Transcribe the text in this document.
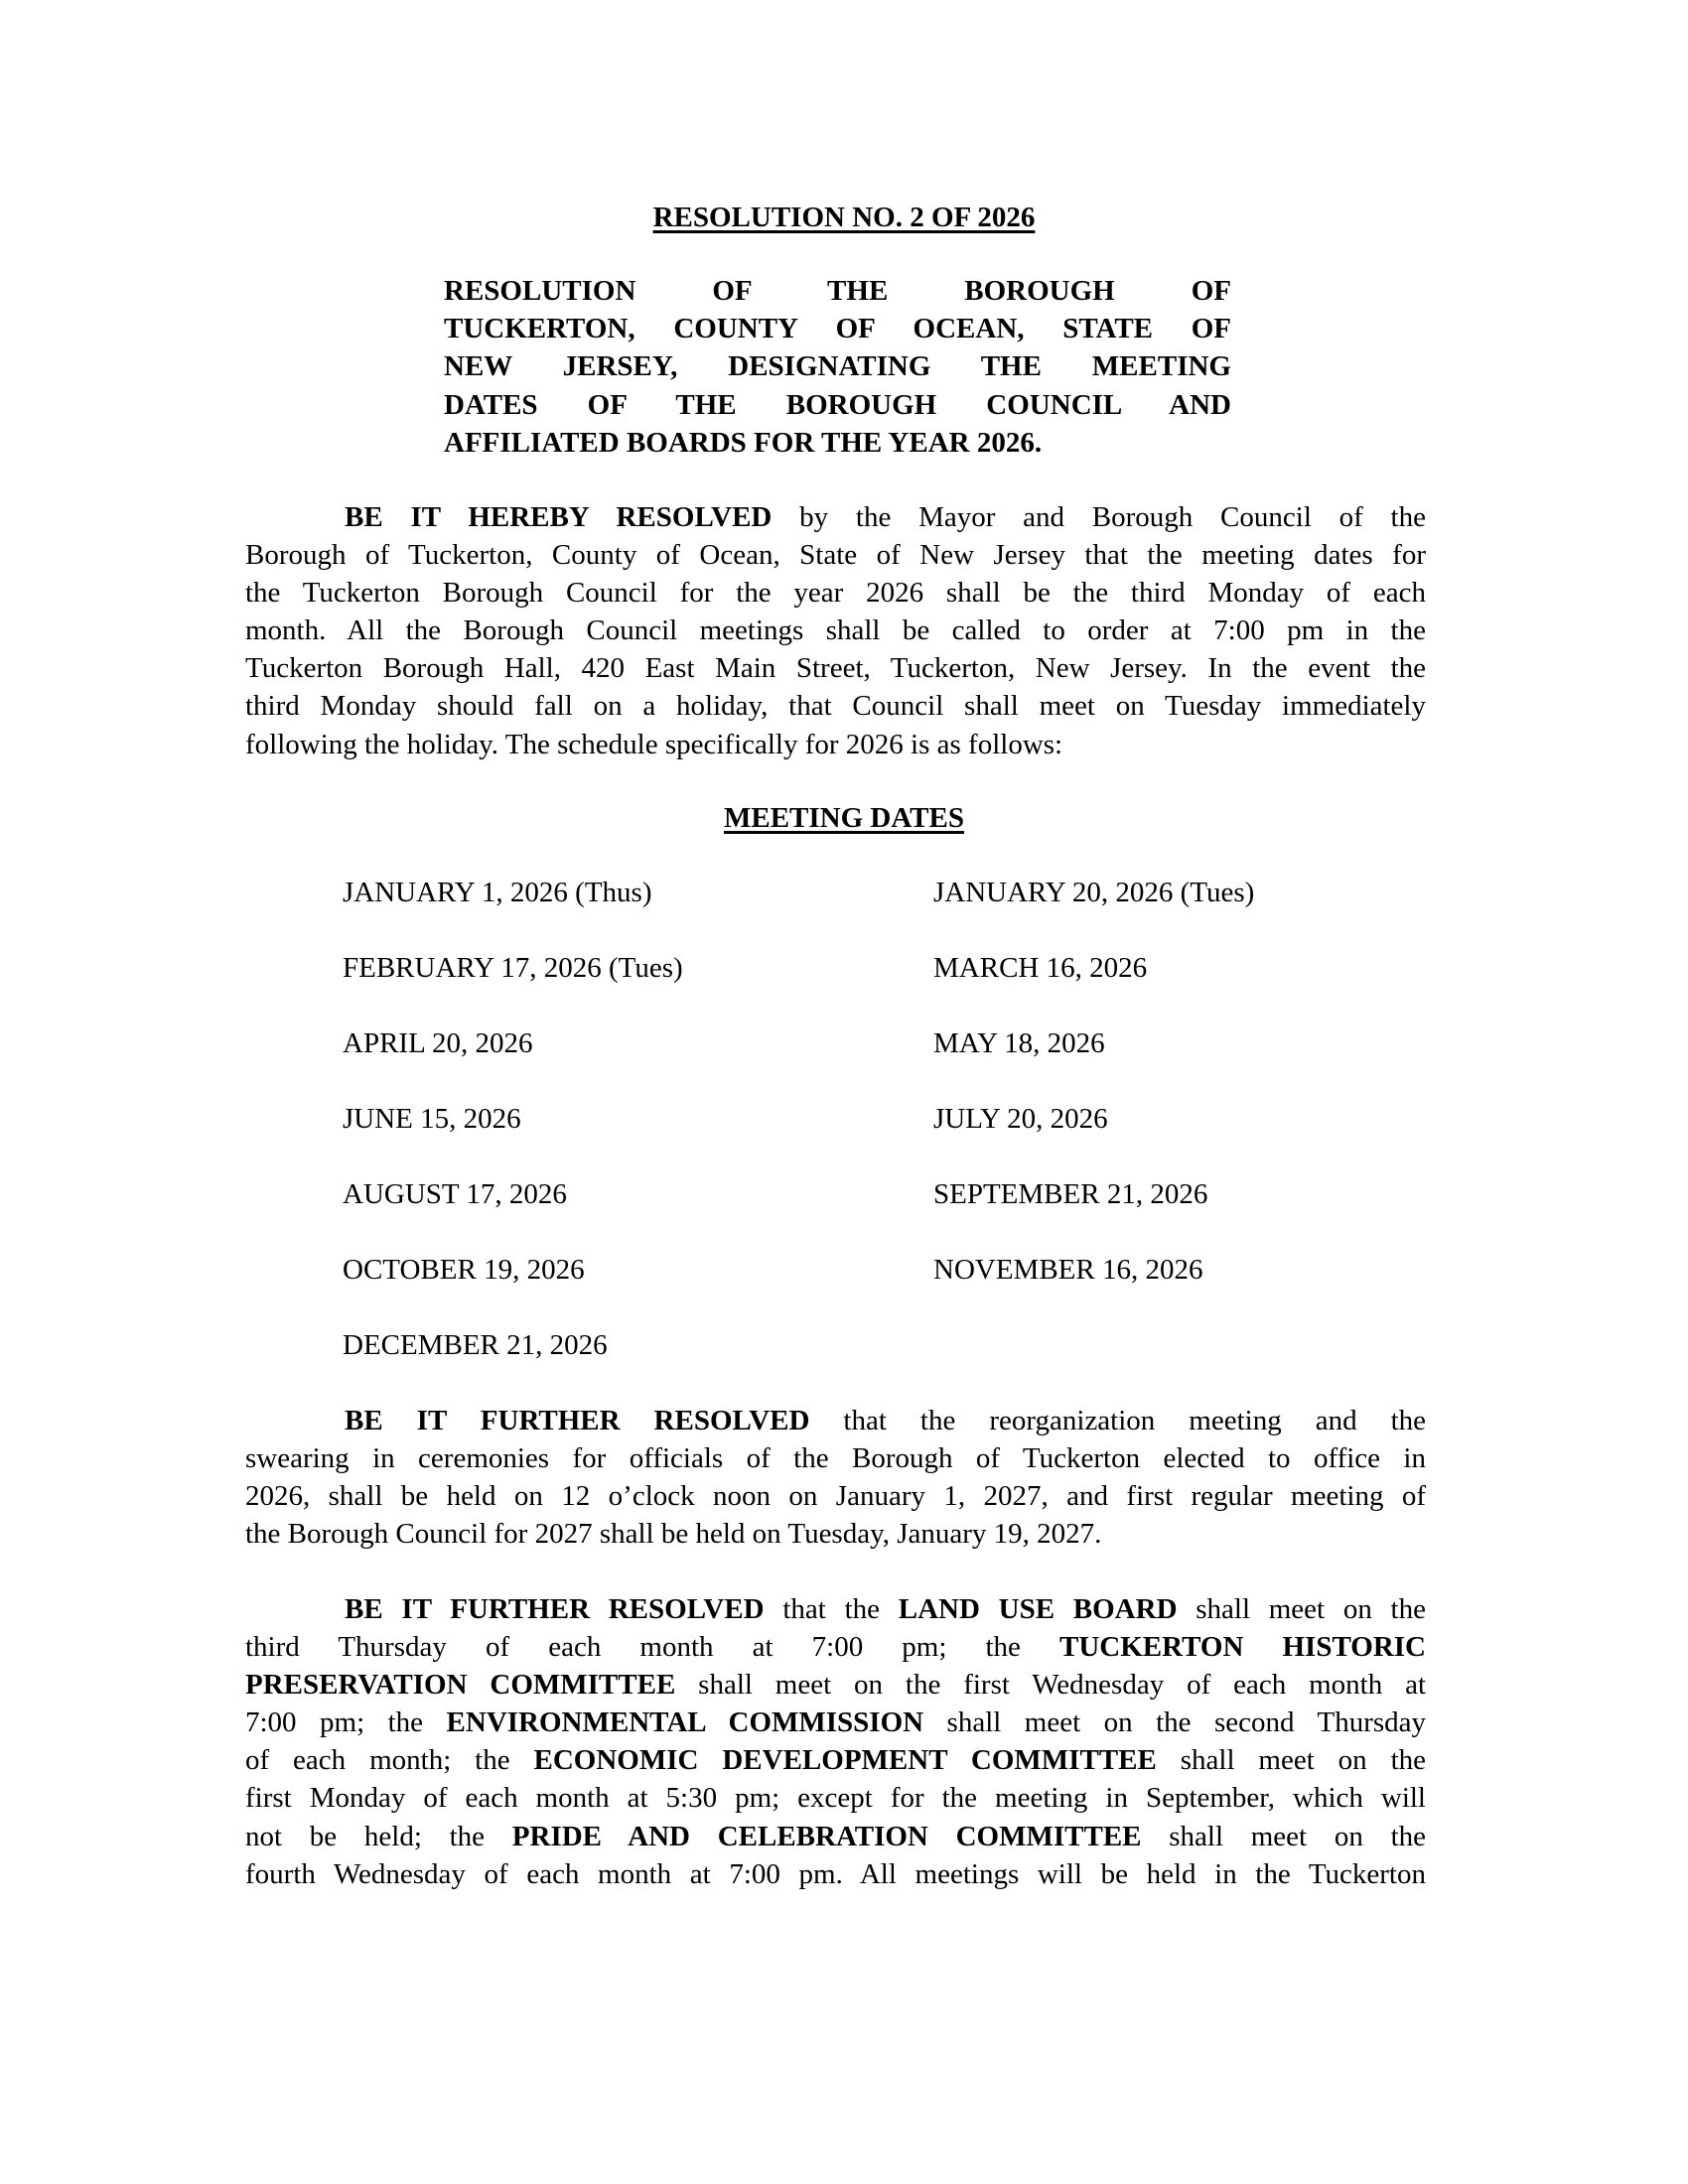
RESOLUTION NO. 2 OF 2026
RESOLUTION OF THE BOROUGH OF
TUCKERTON, COUNTY OF OCEAN, STATE OF
NEW JERSEY, DESIGNATING THE MEETING
DATES OF THE BOROUGH COUNCIL AND
AFFILIATED BOARDS FOR THE YEAR 2026.
BE IT HEREBY RESOLVED by the Mayor and Borough Council of the
Borough of Tuckerton, County of Ocean, State of New Jersey that the meeting dates for
the Tuckerton Borough Council for the year 2026 shall be the third Monday of each
month. All the Borough Council meetings shall be called to order at 7:00 pm in the
Tuckerton Borough Hall, 420 East Main Street, Tuckerton, New Jersey. In the event the
third Monday should fall on a holiday, that Council shall meet on Tuesday immediately
following the holiday. The schedule specifically for 2026 is as follows:
MEETING DATES
JANUARY 1, 2026 (Thus)	JANUARY 20, 2026 (Tues)
FEBRUARY 17, 2026 (Tues)	MARCH 16, 2026
APRIL 20, 2026	MAY 18, 2026
JUNE 15, 2026	JULY 20, 2026
AUGUST 17, 2026	SEPTEMBER 21, 2026
OCTOBER 19, 2026	NOVEMBER 16, 2026
DECEMBER 21, 2026
BE IT FURTHER RESOLVED that the reorganization meeting and the
swearing in ceremonies for officials of the Borough of Tuckerton elected to office in
2026, shall be held on 12 o’clock noon on January 1, 2027, and first regular meeting of
the Borough Council for 2027 shall be held on Tuesday, January 19, 2027.
BE IT FURTHER RESOLVED that the LAND USE BOARD shall meet on the
third Thursday of each month at 7:00 pm; the TUCKERTON HISTORIC
PRESERVATION COMMITTEE shall meet on the first Wednesday of each month at
7:00 pm; the ENVIRONMENTAL COMMISSION shall meet on the second Thursday
of each month; the ECONOMIC DEVELOPMENT COMMITTEE shall meet on the
first Monday of each month at 5:30 pm; except for the meeting in September, which will
not be held; the PRIDE AND CELEBRATION COMMITTEE shall meet on the
fourth Wednesday of each month at 7:00 pm. All meetings will be held in the Tuckerton
